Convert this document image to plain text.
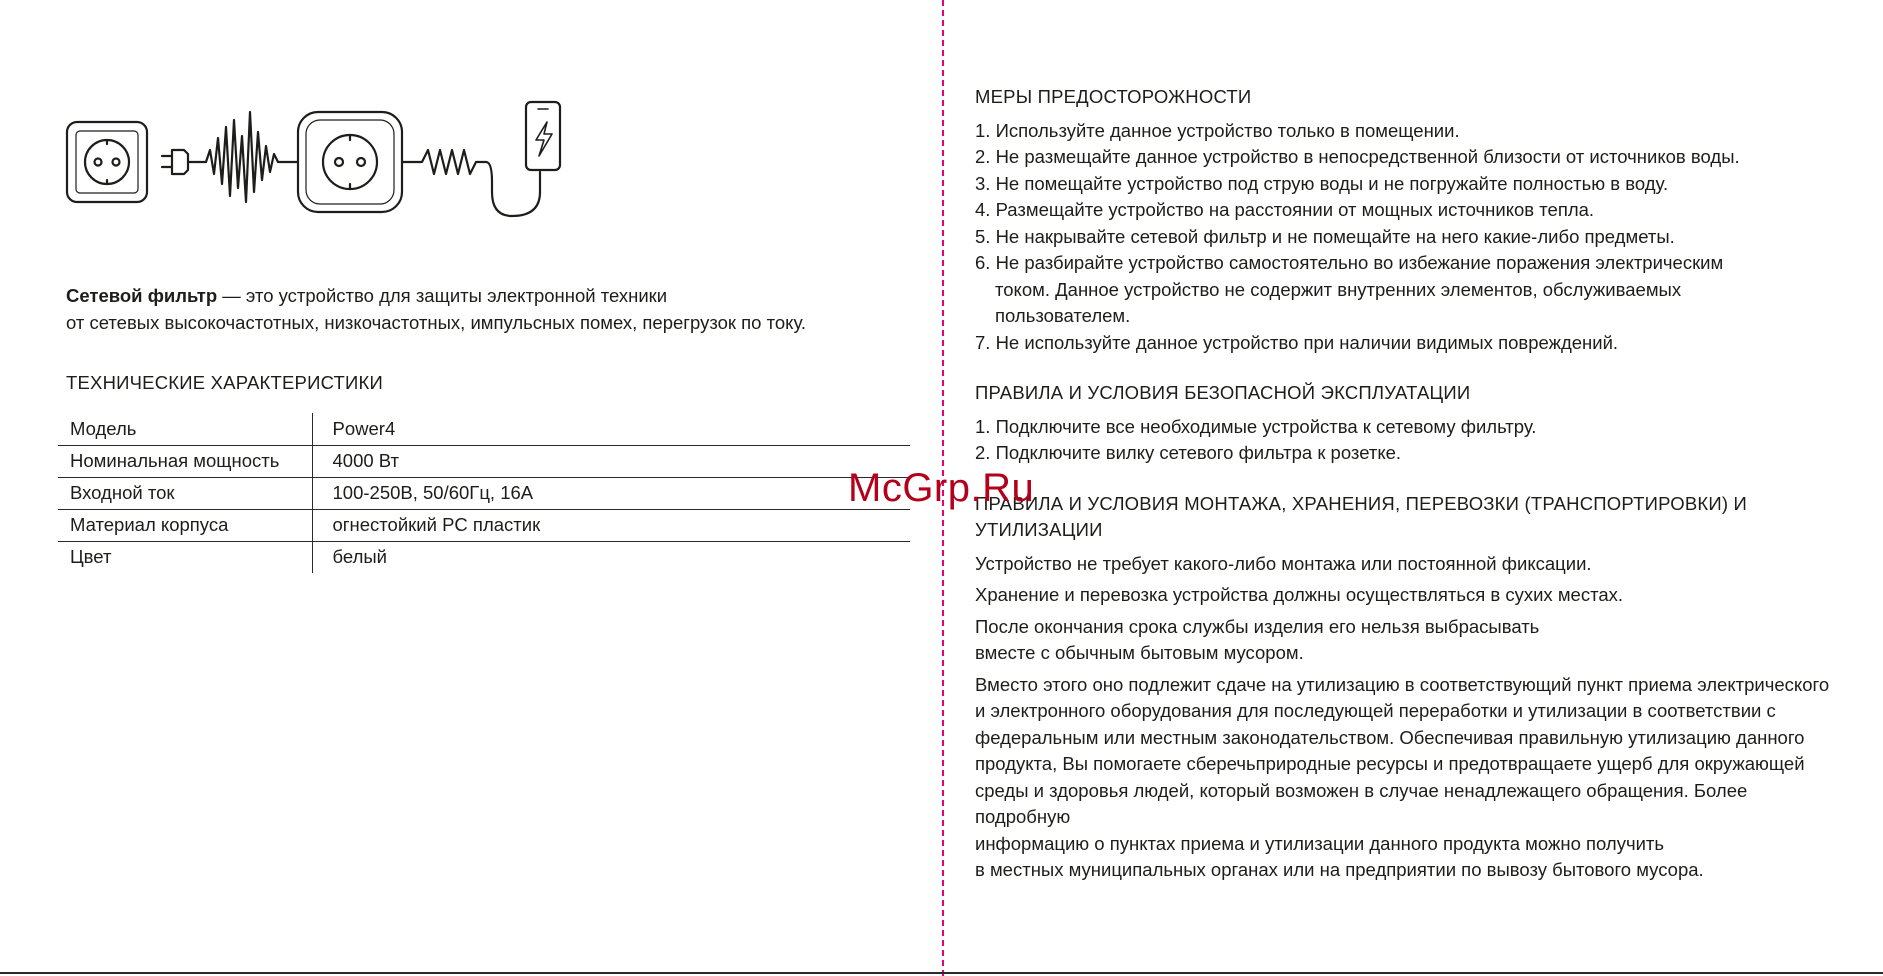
Сетевой фильтр — это устройство для защиты электронной техники
от сетевых высокочастотных, низкочастотных, импульсных помех, перегрузок по току.
ТЕХНИЧЕСКИЕ ХАРАКТЕРИСТИКИ
Модель	Power4
Номинальная мощность	4000 Вт
Входной ток	100-250В, 50/60Гц, 16А
Материал корпуса	огнестойкий PC пластик
Цвет	белый
МЕРЫ ПРЕДОСТОРОЖНОСТИ
1. Используйте данное устройство только в помещении.
2. Не размещайте данное устройство в непосредственной близости от источников воды.
3. Не помещайте устройство под струю воды и не погружайте полностью в воду.
4. Размещайте устройство на расстоянии от мощных источников тепла.
5. Не накрывайте сетевой фильтр и не помещайте на него какие-либо предметы.
6. Не разбирайте устройство самостоятельно во избежание поражения электрическим
током. Данное устройство не содержит внутренних элементов, обслуживаемых
пользователем.
7. Не используйте данное устройство при наличии видимых повреждений.
ПРАВИЛА И УСЛОВИЯ БЕЗОПАСНОЙ ЭКСПЛУАТАЦИИ
1. Подключите все необходимые устройства к сетевому фильтру.
2. Подключите вилку сетевого фильтра к розетке.
ПРАВИЛА И УСЛОВИЯ МОНТАЖА, ХРАНЕНИЯ, ПЕРЕВОЗКИ (ТРАНСПОРТИРОВКИ) И УТИЛИЗАЦИИ

Устройство не требует какого-либо монтажа или постоянной фиксации.

Хранение и перевозка устройства должны осуществляться в сухих местах.

После окончания срока службы изделия его нельзя выбрасывать
вместе с обычным бытовым мусором.

Вместо этого оно подлежит сдаче на утилизацию в соответствующий пункт приема электрического
и электронного оборудования для последующей переработки и утилизации в соответствии с
федеральным или местным законодательством. Обеспечивая правильную утилизацию данного
продукта, Вы помогаете сберечьприродные ресурсы и предотвращаете ущерб для окружающей
среды и здоровья людей, который возможен в случае ненадлежащего обращения. Более подробную
информацию о пунктах приема и утилизации данного продукта можно получить
в местных муниципальных органах или на предприятии по вывозу бытового мусора.

McGrp.Ru
